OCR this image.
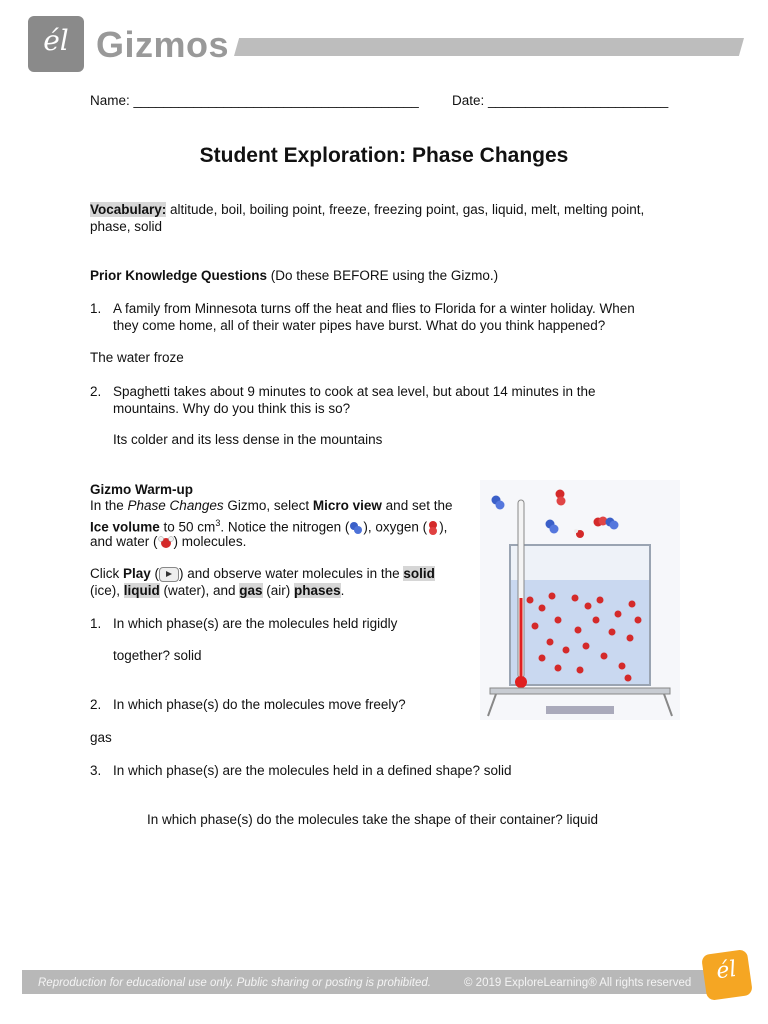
él Gizmos
Name: ______________________________________ Date: ________________________
Student Exploration: Phase Changes
Vocabulary: altitude, boil, boiling point, freeze, freezing point, gas, liquid, melt, melting point,
phase, solid
Prior Knowledge Questions (Do these BEFORE using the Gizmo.)
1. A family from Minnesota turns off the heat and flies to Florida for a winter holiday. When
they come home, all of their water pipes have burst. What do you think happened?
The water froze
2. Spaghetti takes about 9 minutes to cook at sea level, but about 14 minutes in the
mountains. Why do you think this is so?
Its colder and its less dense in the mountains
Gizmo Warm-up
In the Phase Changes Gizmo, select Micro view and set the
Ice volume to 50 $cm^3$. Notice the nitrogen ( ), oxygen ( ),
and water ( ) molecules.
Click Play ( ) and observe water molecules in the solid
(ice), liquid (water), and gas (air) phases.
1. In which phase(s) are the molecules held rigidly
together? solid
2. In which phase(s) do the molecules move freely?
gas
3. In which phase(s) are the molecules held in a defined shape? solid
In which phase(s) do the molecules take the shape of their container? liquid
Reproduction for educational use only. Public sharing or posting is prohibited.	© 2019 ExploreLearning® All rights reserved	él
